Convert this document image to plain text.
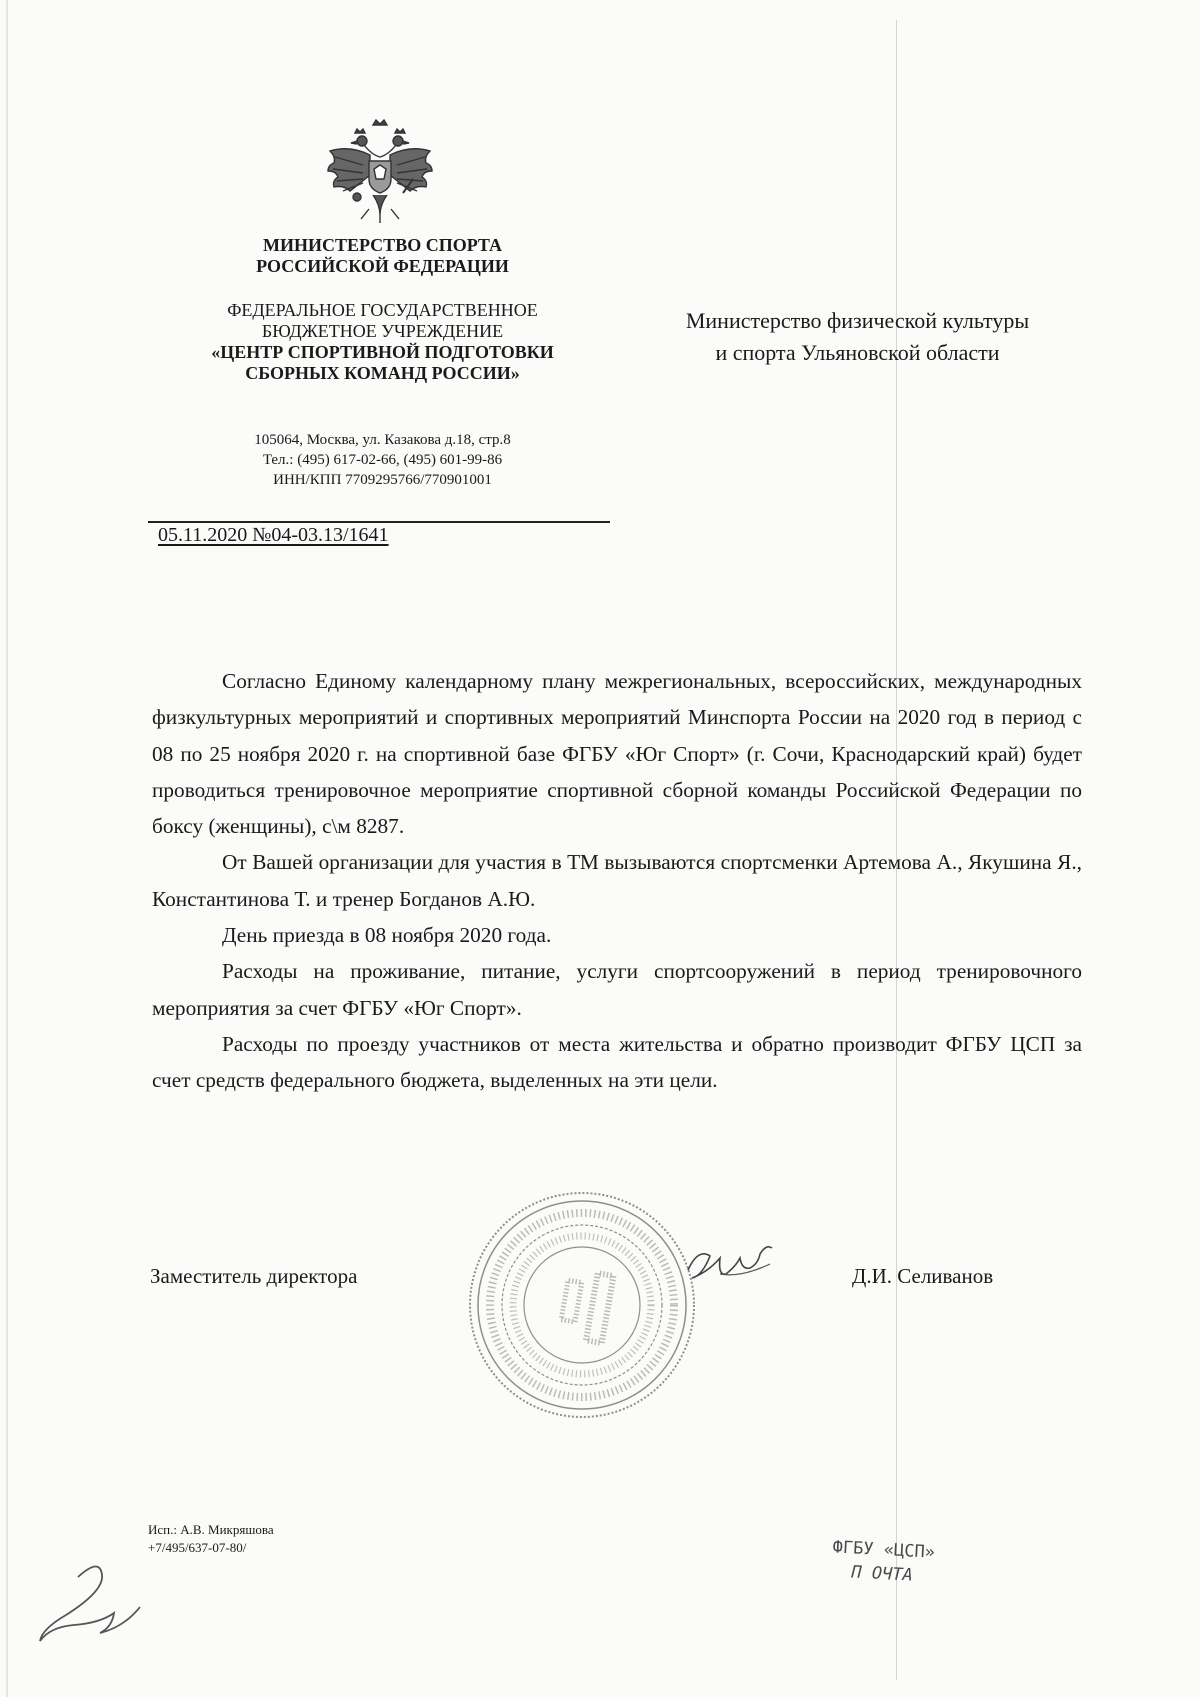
МИНИСТЕРСТВО СПОРТА
РОССИЙСКОЙ ФЕДЕРАЦИИ
ФЕДЕРАЛЬНОЕ ГОСУДАРСТВЕННОЕ
БЮДЖЕТНОЕ УЧРЕЖДЕНИЕ
«ЦЕНТР СПОРТИВНОЙ ПОДГОТОВКИ
СБОРНЫХ КОМАНД РОССИИ»
105064, Москва, ул. Казакова д.18, стр.8
Тел.: (495) 617-02-66, (495) 601-99-86
ИНН/КПП 7709295766/770901001
05.11.2020 №04-03.13/1641
Министерство физической культуры
и спорта Ульяновской области

Согласно Единому календарному плану межрегиональных, всероссийских, международных физкультурных мероприятий и спортивных мероприятий Минспорта России на 2020 год в период с 08 по 25 ноября 2020 г. на спортивной базе ФГБУ «Юг Спорт» (г. Сочи, Краснодарский край) будет проводиться тренировочное мероприятие спортивной сборной команды Российской Федерации по боксу (женщины), с\м 8287.

От Вашей организации для участия в ТМ вызываются спортсменки Артемова А., Якушина Я., Константинова Т. и тренер Богданов А.Ю.

День приезда в 08 ноября 2020 года.

Расходы на проживание, питание, услуги спортсооружений в период тренировочного мероприятия за счет ФГБУ «Юг Спорт».

Расходы по проезду участников от места жительства и обратно производит ФГБУ ЦСП за счет средств федерального бюджета, выделенных на эти цели.

Заместитель директора	Д.И. Селиванов
Исп.: А.В. Микряшова
+7/495/637-07-80/	ФГБУ «ЦСП»
П ОЧТА
